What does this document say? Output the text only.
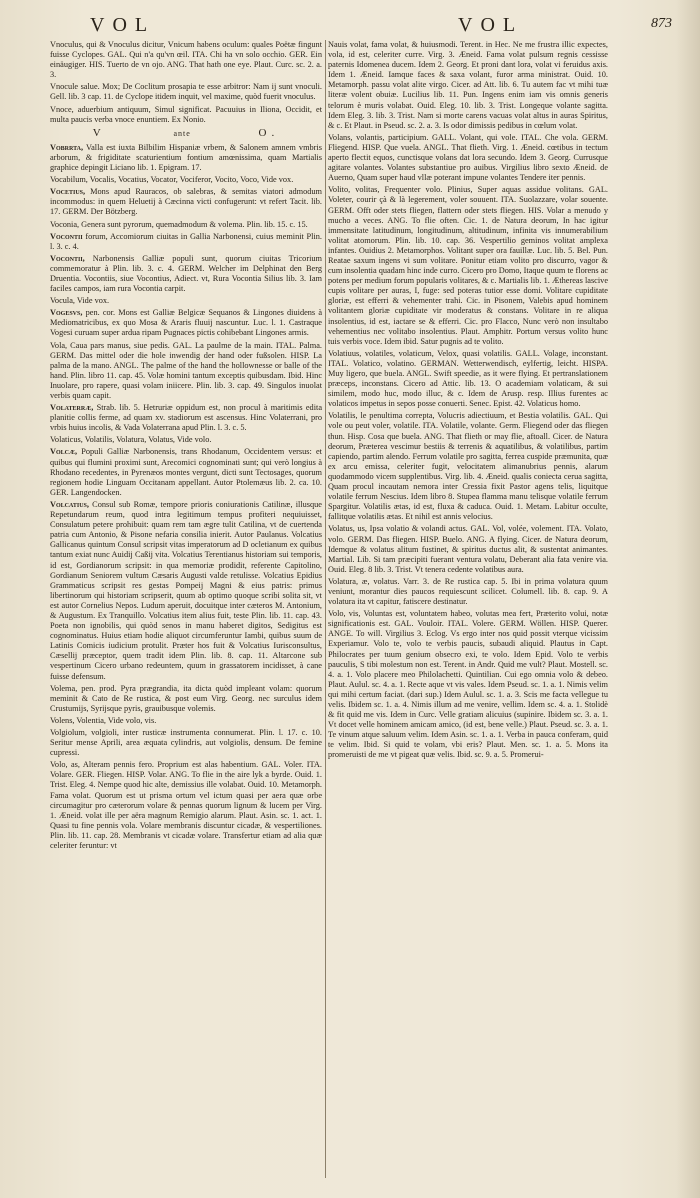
VOL	VOL	873

Vnoculus, qui & Vnoculus dicitur, Vnicum habens oculum: quales Poëtæ fingunt fuisse Cyclopes. GAL. Qui n'a qu'vn œil. ITA. Chi ha vn solo occhio. GER. Ein einäugiger. HIS. Tuerto de vn ojo. ANG. That hath one eye. Plaut. Curc. sc. 2. a. 3.

Vnocule salue. Mox; De Coclitum prosapia te esse arbitror: Nam ij sunt vnoculi. Gell. lib. 3 cap. 11. de Cyclope itidem inquit, vel maxime, quòd fuerit vnoculus.

Vnoce, aduerbium antiquum, Simul significat. Pacuuius in Iliona, Occidit, et multa paucis verba vnoce enuntiem. Ex Nonio.

V	ante	O.

Vobrrta, Valla est iuxta Bilbilim Hispaniæ vrbem, & Salonem amnem vmbris arborum, & frigiditate scaturientium fontium amœnissima, quam Martialis graphice depingit Liciano lib. 1. Epigram. 17.

Vocabilum, Vocalis, Vocatius, Vocator, Vociferor, Vocito, Voco, Vide vox.

Vocetius, Mons apud Rauracos, ob salebras, & semitas viatori admodum incommodus: in quem Heluetij à Cæcinna victi confugerunt: vt refert Tacit. lib. 17. GERM. Der Bötzberg.

Voconia, Genera sunt pyrorum, quemadmodum & volema. Plin. lib. 15. c. 15.

Vocontii forum, Accomiorum ciuitas in Gallia Narbonensi, cuius meminit Plin. l. 3. c. 4.

Vocontii, Narbonensis Galliæ populi sunt, quorum ciuitas Tricorium commemoratur à Plin. lib. 3. c. 4. GERM. Welcher im Delphinat den Berg Druentia. Vocontiis, siue Vocontius, Adiect. vt, Rura Vocontia Silius lib. 3. Iam faciles campos, iam rura Vocontia carpit.

Vocula, Vide vox.

Vogesvs, pen. cor. Mons est Galliæ Belgicæ Sequanos & Lingones diuidens à Mediomatricibus, ex quo Mosa & Araris fluuij nascuntur. Luc. l. 1. Castraque Vogesi curuam super ardua ripam Pugnaces pictis cohibebant Lingones armis.

Vola, Caua pars manus, siue pedis. GAL. La paulme de la main. ITAL. Palma. GERM. Das mittel oder die hole inwendig der hand oder fußsolen. HISP. La palma de la mano. ANGL. The palme of the hand the hollownesse or balle of the hand. Plin. libro 11. cap. 45. Volæ homini tantum exceptis quibusdam. Ibid. Hinc Inuolare, pro rapere, quasi volam iniicere. Plin. lib. 3. cap. 49. Singulos inuolat verbis quam capit.

Volaterræ, Strab. lib. 5. Hetruriæ oppidum est, non procul à maritimis edita planitie collis ferme, ad quam xv. stadiorum est ascensus. Hinc Volaterrani, pro vrbis huius incolis, & Vada Volaterrana apud Plin. l. 3. c. 5.

Volaticus, Volatilis, Volatura, Volatus, Vide volo.

Volcæ, Populi Galliæ Narbonensis, trans Rhodanum, Occidentem versus: et quibus qui flumini proximi sunt, Arecomici cognominati sunt; qui verò longius à Rhodano recedentes, in Pyrenæos montes vergunt, dicti sunt Tectosages, quorum regionem hodie Linguam Occitanam appellant. Autor Ptolemæus lib. 2. ca. 10. GER. Langendocken.

Volcatius, Consul sub Romæ, tempore prioris coniurationis Catilinæ, illusque Repetundarum reum, quod intra legitimum tempus profiteri nequiuisset, Consulatum petere prohibuit: quam rem tam ægre tulit Catilina, vt de cuertenda patria cum Antonio, & Pisone nefaria consilia inierit. Autor Paulanus. Volcatius Gallicanus quintum Consul scripsit vitas imperatorum ad D ocletianum ex quibus tantum exiat nunc Auidij Caßij vita. Volcatius Terentianus historiam sui temporis, id est, Gordianorum scripsit: in qua memoriæ prodidit, referente Capitolino, Gordianum Seniorem vultum Cæsaris Augusti valde retulisse. Volcatius Epidius Grammaticus scripsit res gestas Pompeij Magni & eius patris: primus libertinorum qui historiam scripserit, quum ab optimo quoque scribi solita sit, vt est autor Cornelius Nepos. Ludum aperuit, docuitque inter cæteros M. Antonium, & Augustum. Ex Tranquillo. Volcatius item alius fuit, teste Plin. lib. 11. cap. 43. Poeta non ignobilis, qui quòd senos in manu haberet digitos, Sedigitus est cognominatus. Huius etiam hodie aliquot circumferuntur Iambi, quibus suum de Latinis Comicis iudicium protulit. Præter hos fuit & Volcatius Iurisconsultus, Cæsellij præceptor, quem tradit idem Plin. lib. 8. cap. 11. Altarcone sub vespertinum Cicero urbano redeuntem, quum in grassatorem incidisset, à cane fuisse defensum.

Volema, pen. prod. Pyra prægrandia, ita dicta quòd impleant volam: quorum meminit & Cato de Re rustica, & post eum Virg. Georg. nec surculus idem Crustumijs, Syrijsque pyris, grauibusque volemis.

Volens, Volentia, Vide volo, vis.

Volgiolum, volgioli, inter rusticæ instrumenta connumerat. Plin. l. 17. c. 10. Seritur mense Aprili, area æquata cylindris, aut volgiolis, densum. De femine cupressi.

Volo, as, Alteram pennis fero. Proprium est alas habentium. GAL. Voler. ITA. Volare. GER. Fliegen. HISP. Volar. ANG. To flie in the aire lyk a byrde. Ouid. 1. Trist. Eleg. 4. Nempe quod hic alte, demissius ille volabat. Ouid. 10. Metamorph. Fama volat. Quorum est ut prisma ortum vel ictum quasi per aera quæ orbe circumagitur pro cæterorum volare & pennas quorum lignum & lucem per Virg. 1. Æneid. volat ille per aëra magnum Remigio alarum. Plaut. Asin. sc. 1. act. 1. Quasi tu fine pennis vola. Volare membranis discuntur cicadæ, & vespertiliones. Plin. lib. 11. cap. 28. Membranis vt cicadæ volare. Transfertur etiam ad alia quæ celeriter feruntur: vt

Nauis volat, fama volat, & huiusmodi. Terent. in Hec. Ne me frustra illic expectes, vola, id est, celeriter curre. Virg. 3. Æneid. Fama volat pulsum regnis cessisse paternis Idomenea ducem. Idem 2. Georg. Et proni dant lora, volat vi feruidus axis. Idem 1. Æneid. Iamque faces & saxa volant, furor arma ministrat. Ouid. 10. Metamorph. passu volat alite virgo. Cicer. ad Att. lib. 6. Tu autem fac vt mihi tuæ literæ volent obuiæ. Lucilius lib. 11. Pun. Ingens enim iam vis omnis generis telorum è muris volabat. Ouid. Eleg. 10. lib. 3. Trist. Longeque volante sagitta. Idem Eleg. 3. lib. 3. Trist. Nam si morte carens vacuas volat altus in auras Spiritus, & c. Et Plaut. in Pseud. sc. 2. a. 3. Is odor dimissis pedibus in cœlum volat.

Volans, volantis, participium. GALL. Volant, qui vole. ITAL. Che vola. GERM. Fliegend. HISP. Que vuela. ANGL. That flieth. Virg. 1. Æneid. cœtibus in tectum aperto flectit equos, cunctisque volans dat lora secundo. Idem 3. Georg. Currusque agitare volantes. Volantes substantiue pro auibus. Virgilius libro sexto Æneid. de Auerno, Quam super haud vllæ poterant impune volantes Tendere iter pennis.

Volito, volitas, Frequenter volo. Plinius, Super aquas assidue volitans. GAL. Voleter, courir çà & là legerement, voler souuent. ITA. Suolazzare, volar souente. GERM. Offt oder stets fliegen, flattern oder stets fliegen. HIS. Volar a menudo y mucho a veces. ANG. To flie often. Cic. 1. de Natura deorum, In hac igitur immensitate latitudinum, longitudinum, altitudinum, infinita vis innumerabilium volitat atomorum. Plin. lib. 10. cap. 36. Vespertilio geminos volitat amplexa infantes. Ouidius 2. Metamorphos. Volitant super ora fauillæ. Luc. lib. 5. Bel. Pun. Reatae saxum ingens vi sum volitare. Ponitur etiam volito pro discurro, vagor & cum insolentia quadam hinc inde curro. Cicero pro Domo, Itaque quum te florens ac potens per medium forum popularis volitares, & c. Martialis lib. 1. Æthereas lascive cupis volitare per auras, I, fuge: sed poteras tutior esse domi. Volitare cupiditate gloriæ, est efferri & vehementer trahi. Cic. in Pisonem, Valebis apud hominem volitantem gloriæ cupiditate vir moderatus & constans. Volitare in re aliqua insolentius, id est, iactare se & efferri. Cic. pro Flacco, Nunc verò non insultabo vehementius nec volitabo insolentius. Plaut. Amphitr. Portum versus volito hunc tuis verbis voce. Idem ibid. Satur pugnis ad te volito.

Volatiuus, volatiles, volaticum, Velox, quasi volatilis. GALL. Volage, inconstant. ITAL. Volatico, volatino. GERMAN. Wetterwendisch, eylfertig, leicht. HISPA. Muy ligero, que buela. ANGL. Swift speedie, as it were flying. Et pertranslationem præceps, inconstans. Cicero ad Attic. lib. 13. O academiam volaticam, & sui similem, modo huc, modo illuc, & c. Idem de Arusp. resp. Illius furentes ac volaticos impetus in sepos posse conuerti. Senec. Epist. 42. Volaticus homo.

Volatilis, le penultima correpta, Volucris adiectiuum, et Bestia volatilis. GAL. Qui vole ou peut voler, volatile. ITA. Volatile, volante. Germ. Fliegend oder das fliegen thun. Hisp. Cosa que buela. ANG. That flieth or may flie, aftoall. Cicer. de Natura deorum, Præterea vescimur bestiis & terrenis & aquatilibus, & volatilibus, partim capiendo, partim alendo. Ferrum volatile pro sagitta, ferrea cuspide præmunita, quæ ex arcu emissa, celeriter fugit, velocitatem alimanubrius pennis, alarum quodammodo vicem supplentibus. Virg. lib. 4. Æneid. qualis coniecta cerua sagitta, Quam procul incautam nemora inter Cressia fixit Pastor agens telis, liquitque volatile ferrum Nescius. Idem libro 8. Stupea flamma manu telisque volatile ferrum Spargitur. Volatilis ætas, id est, fluxa & caduca. Ouid. 1. Metam. Labitur occulte, fallitque volatilis ætas. Et nihil est annis velocius.

Volatus, us, Ipsa volatio & volandi actus. GAL. Vol, volée, volement. ITA. Volato, volo. GERM. Das fliegen. HISP. Buelo. ANG. A flying. Cicer. de Natura deorum, Idemque & volatus alitum fustinet, & spiritus ductus alit, & sustentat animantes. Martial. Lib. Si tam præcipiti fuerant ventura volatu, Deberant alia fata venire via. Ouid. Eleg. 8 lib. 3. Trist. Vt tenera cedente volatibus aura.

Volatura, æ, volatus. Varr. 3. de Re rustica cap. 5. Ibi in prima volatura quum veniunt, morantur dies paucos requiescunt scilicet. Columell. lib. 8. cap. 9. A volatura ita vt capitur, fatiscere destinatur.

Volo, vis, Voluntas est, voluntatem habeo, volutas mea fert, Præterito volui, notæ significationis est. GAL. Vouloir. ITAL. Volere. GERM. Wöllen. HISP. Querer. ANGE. To will. Virgilius 3. Eclog. Vs ergo inter nos quid possit vterque vicissim Experiamur. Volo te, volo te verbis paucis, subaudi aliquid. Plautus in Capt. Philocrates per tuum genium obsecro exi, te volo. Idem Epid. Volo te verbis pauculis, S tibi molestum non est. Terent. in Andr. Quid me vult? Plaut. Mostell. sc. 4. a. 1. Volo placere meo Philolachetti. Quintilian. Cui ego omnia volo & debeo. Plaut. Aulul. sc. 4. a. 1. Recte aque vt vis vales. Idem Pseud. sc. 1. a. 1. Nimis velim qui mihi certum faciat. (dari sup.) Idem Aulul. sc. 1. a. 3. Scis me facta vellegue tu velis. Ibidem sc. 1. a. 4. Nimis illum ad me venire, vellim. Idem sc. 4. a. 1. Stolidè & fit quid me vis. Idem in Curc. Velle gratiam alicuius (supinire. Ibidem sc. 3. a. 1. Vt docet velle hominem amicam amico, (id est, bene velle.) Plaut. Pseud. sc. 3. a. 1. Te vinum atque saluum velim. Idem Asin. sc. 1. a. 1. Verba in pauca conferam, quid te velim. Ibid. Si quid te volam, vbi eris? Plaut. Men. sc. 1. a. 5. Mons ita promeruisti de me vt pigeat quæ velis. Ibid. sc. 9. a. 5. Promerui-
